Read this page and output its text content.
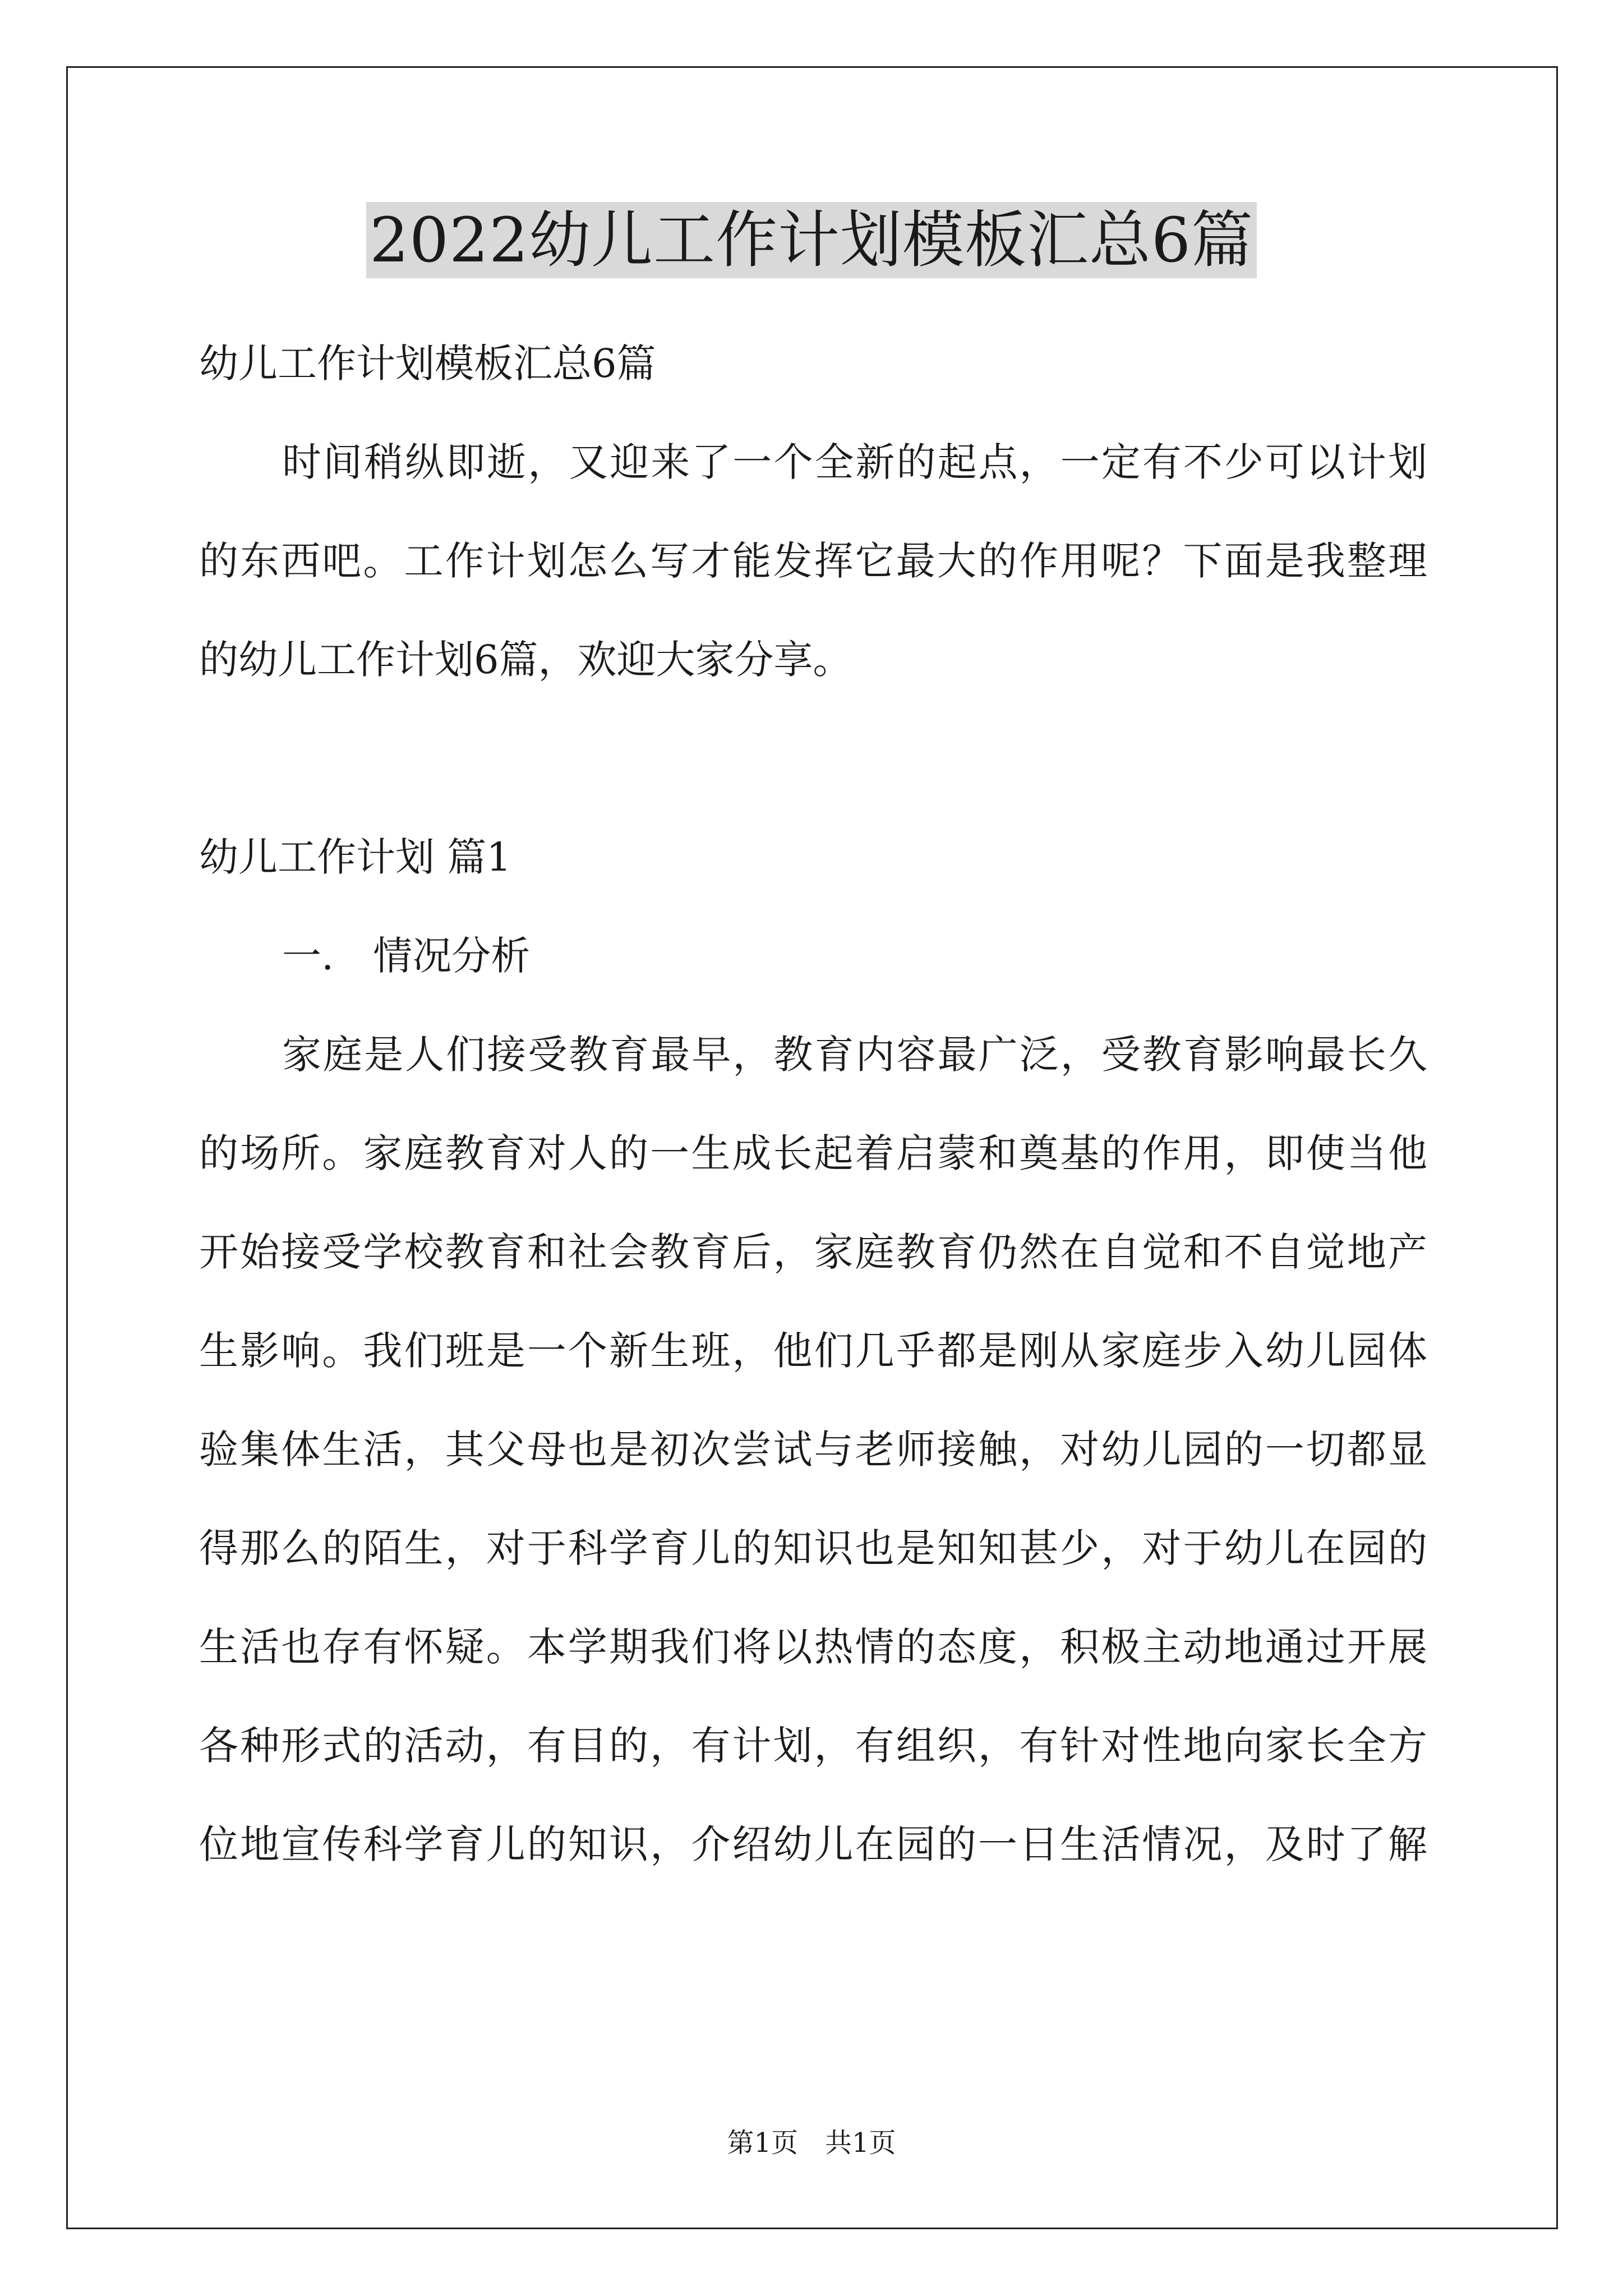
2022幼儿工作计划模板汇总6篇
幼儿工作计划模板汇总6篇
时间稍纵即逝，又迎来了一个全新的起点，一定有不少可以计划
的东西吧。工作计划怎么写才能发挥它最大的作用呢？下面是我整理
的幼儿工作计划6篇，欢迎大家分享。
幼儿工作计划 篇1
一.　情况分析
家庭是人们接受教育最早，教育内容最广泛，受教育影响最长久
的场所。家庭教育对人的一生成长起着启蒙和奠基的作用，即使当他
开始接受学校教育和社会教育后，家庭教育仍然在自觉和不自觉地产
生影响。我们班是一个新生班，他们几乎都是刚从家庭步入幼儿园体
验集体生活，其父母也是初次尝试与老师接触，对幼儿园的一切都显
得那么的陌生，对于科学育儿的知识也是知知甚少，对于幼儿在园的
生活也存有怀疑。本学期我们将以热情的态度，积极主动地通过开展
各种形式的活动，有目的，有计划，有组织，有针对性地向家长全方
位地宣传科学育儿的知识，介绍幼儿在园的一日生活情况，及时了解
第1页　共1页
